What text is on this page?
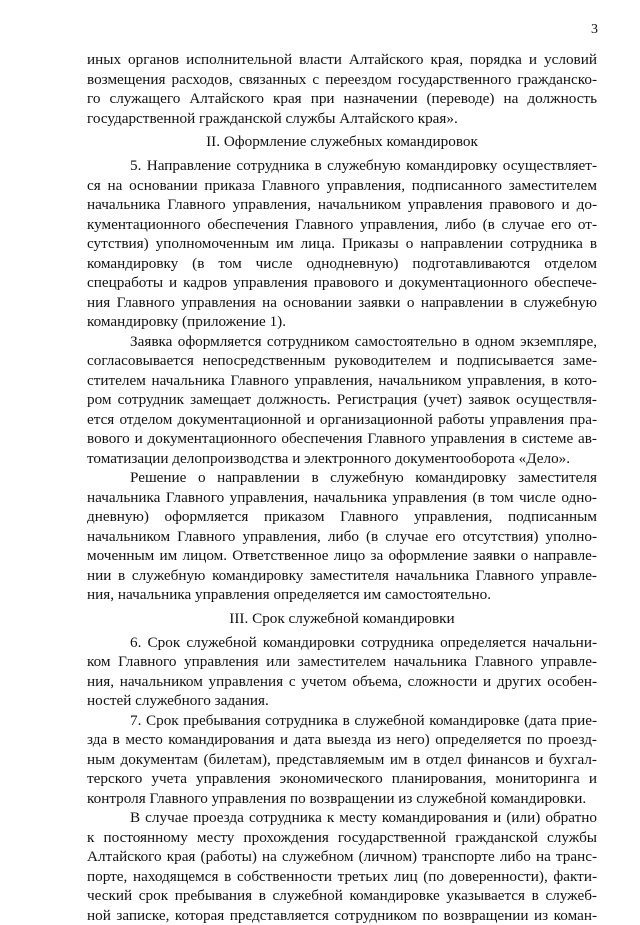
3
иных органов исполнительной власти Алтайского края, порядка и условий
возмещения расходов, связанных с переездом государственного гражданско-
го служащего Алтайского края при назначении (переводе) на должность
государственной гражданской службы Алтайского края».
II. Оформление служебных командировок
5. Направление сотрудника в служебную командировку осуществляет-
ся на основании приказа Главного управления, подписанного заместителем
начальника Главного управления, начальником управления правового и до-
кументационного обеспечения Главного управления, либо (в случае его от-
сутствия) уполномоченным им лица. Приказы о направлении сотрудника в
командировку (в том числе однодневную) подготавливаются отделом
спецработы и кадров управления правового и документационного обеспече-
ния Главного управления на основании заявки о направлении в служебную
командировку (приложение 1).
Заявка оформляется сотрудником самостоятельно в одном экземпляре,
согласовывается непосредственным руководителем и подписывается заме-
стителем начальника Главного управления, начальником управления, в кото-
ром сотрудник замещает должность. Регистрация (учет) заявок осуществля-
ется отделом документационной и организационной работы управления пра-
вового и документационного обеспечения Главного управления в системе ав-
томатизации делопроизводства и электронного документооборота «Дело».
Решение о направлении в служебную командировку заместителя
начальника Главного управления, начальника управления (в том числе одно-
дневную) оформляется приказом Главного управления, подписанным
начальником Главного управления, либо (в случае его отсутствия) уполно-
моченным им лицом. Ответственное лицо за оформление заявки о направле-
нии в служебную командировку заместителя начальника Главного управле-
ния, начальника управления определяется им самостоятельно.
III. Срок служебной командировки
6. Срок служебной командировки сотрудника определяется начальни-
ком Главного управления или заместителем начальника Главного управле-
ния, начальником управления с учетом объема, сложности и других особен-
ностей служебного задания.
7. Срок пребывания сотрудника в служебной командировке (дата прие-
зда в место командирования и дата выезда из него) определяется по проезд-
ным документам (билетам), представляемым им в отдел финансов и бухгал-
терского учета управления экономического планирования, мониторинга и
контроля Главного управления по возвращении из служебной командировки.
В случае проезда сотрудника к месту командирования и (или) обратно
к постоянному месту прохождения государственной гражданской службы
Алтайского края (работы) на служебном (личном) транспорте либо на транс-
порте, находящемся в собственности третьих лиц (по доверенности), факти-
ческий срок пребывания в служебной командировке указывается в служеб-
ной записке, которая представляется сотрудником по возвращении из коман-
